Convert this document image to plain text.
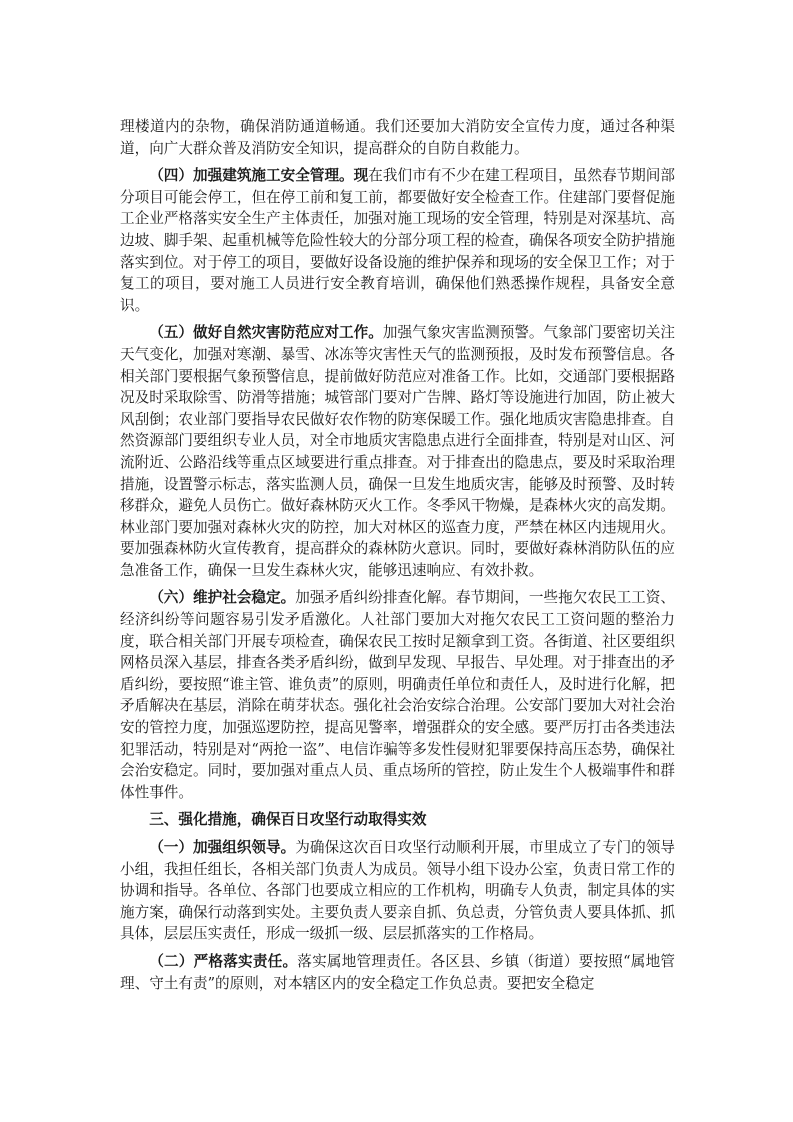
理楼道内的杂物，确保消防通道畅通。我们还要加大消防安全宣传力度，通过各种渠道，向广大群众普及消防安全知识，提高群众的自防自救能力。

（四）加强建筑施工安全管理。现在我们市有不少在建工程项目，虽然春节期间部分项目可能会停工，但在停工前和复工前，都要做好安全检查工作。住建部门要督促施工企业严格落实安全生产主体责任，加强对施工现场的安全管理，特别是对深基坑、高边坡、脚手架、起重机械等危险性较大的分部分项工程的检查，确保各项安全防护措施落实到位。对于停工的项目，要做好设备设施的维护保养和现场的安全保卫工作；对于复工的项目，要对施工人员进行安全教育培训，确保他们熟悉操作规程，具备安全意识。

（五）做好自然灾害防范应对工作。加强气象灾害监测预警。气象部门要密切关注天气变化，加强对寒潮、暴雪、冰冻等灾害性天气的监测预报，及时发布预警信息。各相关部门要根据气象预警信息，提前做好防范应对准备工作。比如，交通部门要根据路况及时采取除雪、防滑等措施；城管部门要对广告牌、路灯等设施进行加固，防止被大风刮倒；农业部门要指导农民做好农作物的防寒保暖工作。强化地质灾害隐患排查。自然资源部门要组织专业人员，对全市地质灾害隐患点进行全面排查，特别是对山区、河流附近、公路沿线等重点区域要进行重点排查。对于排查出的隐患点，要及时采取治理措施，设置警示标志，落实监测人员，确保一旦发生地质灾害，能够及时预警、及时转移群众，避免人员伤亡。做好森林防灭火工作。冬季风干物燥，是森林火灾的高发期。林业部门要加强对森林火灾的防控，加大对林区的巡查力度，严禁在林区内违规用火。要加强森林防火宣传教育，提高群众的森林防火意识。同时，要做好森林消防队伍的应急准备工作，确保一旦发生森林火灾，能够迅速响应、有效扑救。

（六）维护社会稳定。加强矛盾纠纷排查化解。春节期间，一些拖欠农民工工资、经济纠纷等问题容易引发矛盾激化。人社部门要加大对拖欠农民工工资问题的整治力度，联合相关部门开展专项检查，确保农民工按时足额拿到工资。各街道、社区要组织网格员深入基层，排查各类矛盾纠纷，做到早发现、早报告、早处理。对于排查出的矛盾纠纷，要按照“谁主管、谁负责”的原则，明确责任单位和责任人，及时进行化解，把矛盾解决在基层，消除在萌芽状态。强化社会治安综合治理。公安部门要加大对社会治安的管控力度，加强巡逻防控，提高见警率，增强群众的安全感。要严厉打击各类违法犯罪活动，特别是对“两抢一盗”、电信诈骗等多发性侵财犯罪要保持高压态势，确保社会治安稳定。同时，要加强对重点人员、重点场所的管控，防止发生个人极端事件和群体性事件。

三、强化措施，确保百日攻坚行动取得实效

（一）加强组织领导。为确保这次百日攻坚行动顺利开展，市里成立了专门的领导小组，我担任组长，各相关部门负责人为成员。领导小组下设办公室，负责日常工作的协调和指导。各单位、各部门也要成立相应的工作机构，明确专人负责，制定具体的实施方案，确保行动落到实处。主要负责人要亲自抓、负总责，分管负责人要具体抓、抓具体，层层压实责任，形成一级抓一级、层层抓落实的工作格局。

（二）严格落实责任。落实属地管理责任。各区县、乡镇（街道）要按照“属地管理、守土有责”的原则，对本辖区内的安全稳定工作负总责。要把安全稳定
